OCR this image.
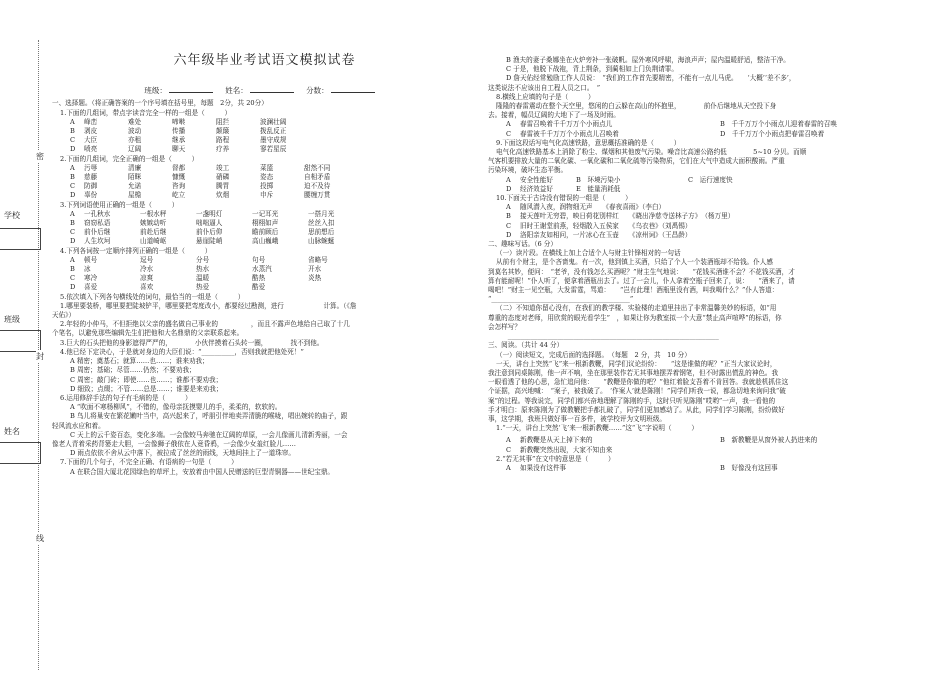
密
学校
班级
封
姓名
线
六年级毕业考试语文模拟试卷
班级：	姓名：	分数：
一、选择题。（将正确答案的一个序号填在括号里，每题　2分，共 20分）
1.下面的几组词，带点字读音完全一样的一组是（　　　）
A	峰峦	难处	啼啭	阻拦	波澜壮阔
B	剥皮	波动	传播	颠簸	拨乱反正
C	大臣	亦租	继承	路程	墨守成规
D	喷亮	辽阔	聊天	疗养	寥若星辰
2.下面的几组词，完全正确的一组是（　　　）
A	污辱	清廉	督都	竣工	菜篮	甜然不同
B	慈藤	陌眯	慷慨	硝磷	姿态	自相矛盾
C	防御	允诺	咨询	腾胃	投掷	迫不及待
D	辜份	屋檐	屹立	炊烟	申斥	腰缠万贯
3.下列词语使用正确的一组是（　　　）
A	一孔秋水	一根水秤	一盏明灯	一记耳光	一搭月光
B	窃窃私语	嫉嫉动听	咄咄逼人	栩栩如声	丝丝入扣
C	前仆后继	前赴后继	前仆后仰	瞻前顾后	思前想后
D	人生坎坷	山道崎岖	悬崖陡峭	高山巍峨	山脉蜿蜒
4.下列各词按一定顺序排列正确的一组是（　　　）
A	顿号	逗号	分号	句号	省略号
B	冰	冷水	热水	水蒸汽	开水
C	寒冷	凉爽	温暖	酷热	炎热
D	喜爱	喜欢	热爱	酷爱
5.依次填入下列各句横线处的词句，最恰当的一组是（　　　）
1.哪里要装桥，哪里要把陡坡铲平，哪里要把弯度改小，都要经过勘测，进行　　　　　　计算。（《詹
天佑》）
2.年轻的小仲马，不但拒绝以父亲的盛名做自己事业的　　　　　，而且不露声色地给自己取了十几
个笔名，以避免那些编辑先生们把他和大名鼎鼎的父亲联系起来。
3.巨大的石头把他的身影遮得严严的，　　　　小伙伴摸着石头转一圈，　　　　找不到他。
4.他已经下定决心，于是就对身边的大臣们说：“__________，否则我就把他处死！”
A 精密；奠基石；就算……也……；谁来劝我；
B 周密；基础；尽管……仍然；不要劝我；
C 周密；敲门砖；即使……也……；谁都不要劝我；
D 细致；点缀；不管……总是……；谁要是来劝我；
6.运用修辞手法的句子有毛病的是（　　　）
A “吹面不寒杨柳风”，不错的，像母亲抚摸婴儿的手，柔柔的，软软的。
B 鸟儿将巢安在繁花嫩叶当中，高兴起来了，呼朋引伴地卖弄清脆的喉咙，唱出婉转的曲子，跟
轻风流水应和着。
C 天上的云千姿百态，变化多端。一会像蛟马奔驰在辽阔的草原，一会儿像画儿清新秀丽，一会
像老人青着采药背篓走大胆，一会像狮子俄依在人竟昏鸦，一会像少女羞红脸儿……
D 雨点依依不舍从云中落下，被拉成了丝丝的雨线，天地间挂上了一道珠帘。
7.下面的几个句子，不完全正确、有语病的一句是（　　　）
A 在联合国大厦北花园绿色的草坪上，安放着由中国人民赠送的巨型青铜器——世纪宝鼎。
B 渔夫的妻子桑娜坐在火炉旁补一张破帆。屋外寒风呼啸，海浪声声；屋内温暖舒适，整洁干净。
C 于是，他脱下战袍，背上荆条，到蔺相如上门负荆请罪。
D 詹天佑经常勉励工作人员说：　“我们的工作首先要精密，不能有一点儿马虎。　　‘大概’‘差不多’，
这类说法不应该出自工程人员之口。　”
8.横线上应填的句子是（　　　）
隆隆的春雷震动在整个天空里，悠闲的白云躲在高山的怀抱里，　　　　前仆后继地从天空投下身
去。接着，幅员辽阔的大地下了一场及时雨。
A	春雷召唤着千千万万个小雨点儿	B　千千万万个小雨点儿迎着春雷的召唤
C	春雷被千千万万个小雨点儿召唤着	D　千千万万个小雨点把春雷召唤着
9.下面这段话写电气化高速铁路，意思概括准确的是（　　　）
电气化高速铁路基本上消除了粉尘、煤烟和其他废气污染。噪音比高速公路约低　　　　5~10 分贝。而顺
气客机要排放大量的二氧化碳、一氧化碳和二氧化硫等污染物质，它们在大气中造成大面积酸雨。严重
污染环境，破坏生态平衡。
A	安全性能好	B　环境污染小	C　运行速度快
D	经济效益好	E　能量消耗低
10.下面关于古诗没有错误的一组是（　　　）
A	随风潜入夜，润物细无声　　《春夜喜雨》（李白）
B	接天莲叶无穷碧，映日荷花别样红　　《晓出净慈寺送林子方》　（杨万里）
C	旧时王谢堂前燕，轻烟散入五侯家　　《乌衣巷》（刘禹锡）
D	洛阳亲友如相问，一片冰心在玉壶　　《凉州词》（王昌龄）
二、趣味写话。（6 分）
（一）读片段。在横线上加上合适个人与财主针锋相对的一句话
从前有个财主，是个吝啬鬼。有一次，他到镇上买酒，只给了个人一个装酒瓶却不给钱。仆人感
到莫名其妙，便问：　“老爷，没有钱怎么买酒呢？”财主生气地说：　　“花钱买酒谁不会？不花钱买酒，才
算有能耐呢！”仆人听了，便拿着酒瓶出去了。过了一会儿，仆人拿着空瓶子回来了，说：　　“酒来了，请
喝吧！”财主一见空瓶，大发雷霆，骂道：　　“岂有此理！酒瓶里没有酒，叫我喝什么？”仆人答道：
“__________________________________________”
（二）不知道你留心没有，在我们的教学楼、实验楼的走道里挂出了非常温馨美妙的标语，如“用
尊重的态度对老师，用欣赏的眼光看学生”　，如果让你为教室拟一个大意“禁止高声喧哗”的标语，你
会怎样写？
　　　________________________________________________________________
三、阅读。（共计 44 分）
（一）阅读短文，完成后面的选择题。　（每题　2 分，共　10 分）
一天，讲台上突然“飞”来一根新教鞭，同学们议论纷纷：　　“这是谁做的呢？”正当大家议论时，
我注意到同桌陈刚，他一声不响，坐在那里装作若无其事地摆弄着钢笔，但不时露出慌乱的神色。我
一眼看透了他的心思，急忙追问他：　　“教鞭是你做的吧？”他红着脸支吾着不肯回答。我就趁机抓住这
个证据，高兴地喊：　“案子，被我破了。　‘作案人’就是陈刚！”同学们听我一说，都急切地来询问我“破
案”的过程。等我说完，同学们都兴奋地理解了陈刚的手，这时只听见陈刚“哎哟”一声，我一看他的
手才明白：原来陈刚为了做教鞭把手都扎破了，同学们更加感动了。从此，同学们学习陈刚，纷纷做好
事，这学期，我班只做好事一百多件，被学校评为文明班级。
1.“一天，讲台上突然‘飞’来一根新教鞭……”这“飞”字说明（　　　）
A	新教鞭是从天上掉下来的	B　新教鞭是从窗外被人扔进来的
C	新教鞭突然出现，大家不知由来
2.“若无其事”在文中的意思是（　　　）
A	如果没有这件事	B　好像没有这回事
